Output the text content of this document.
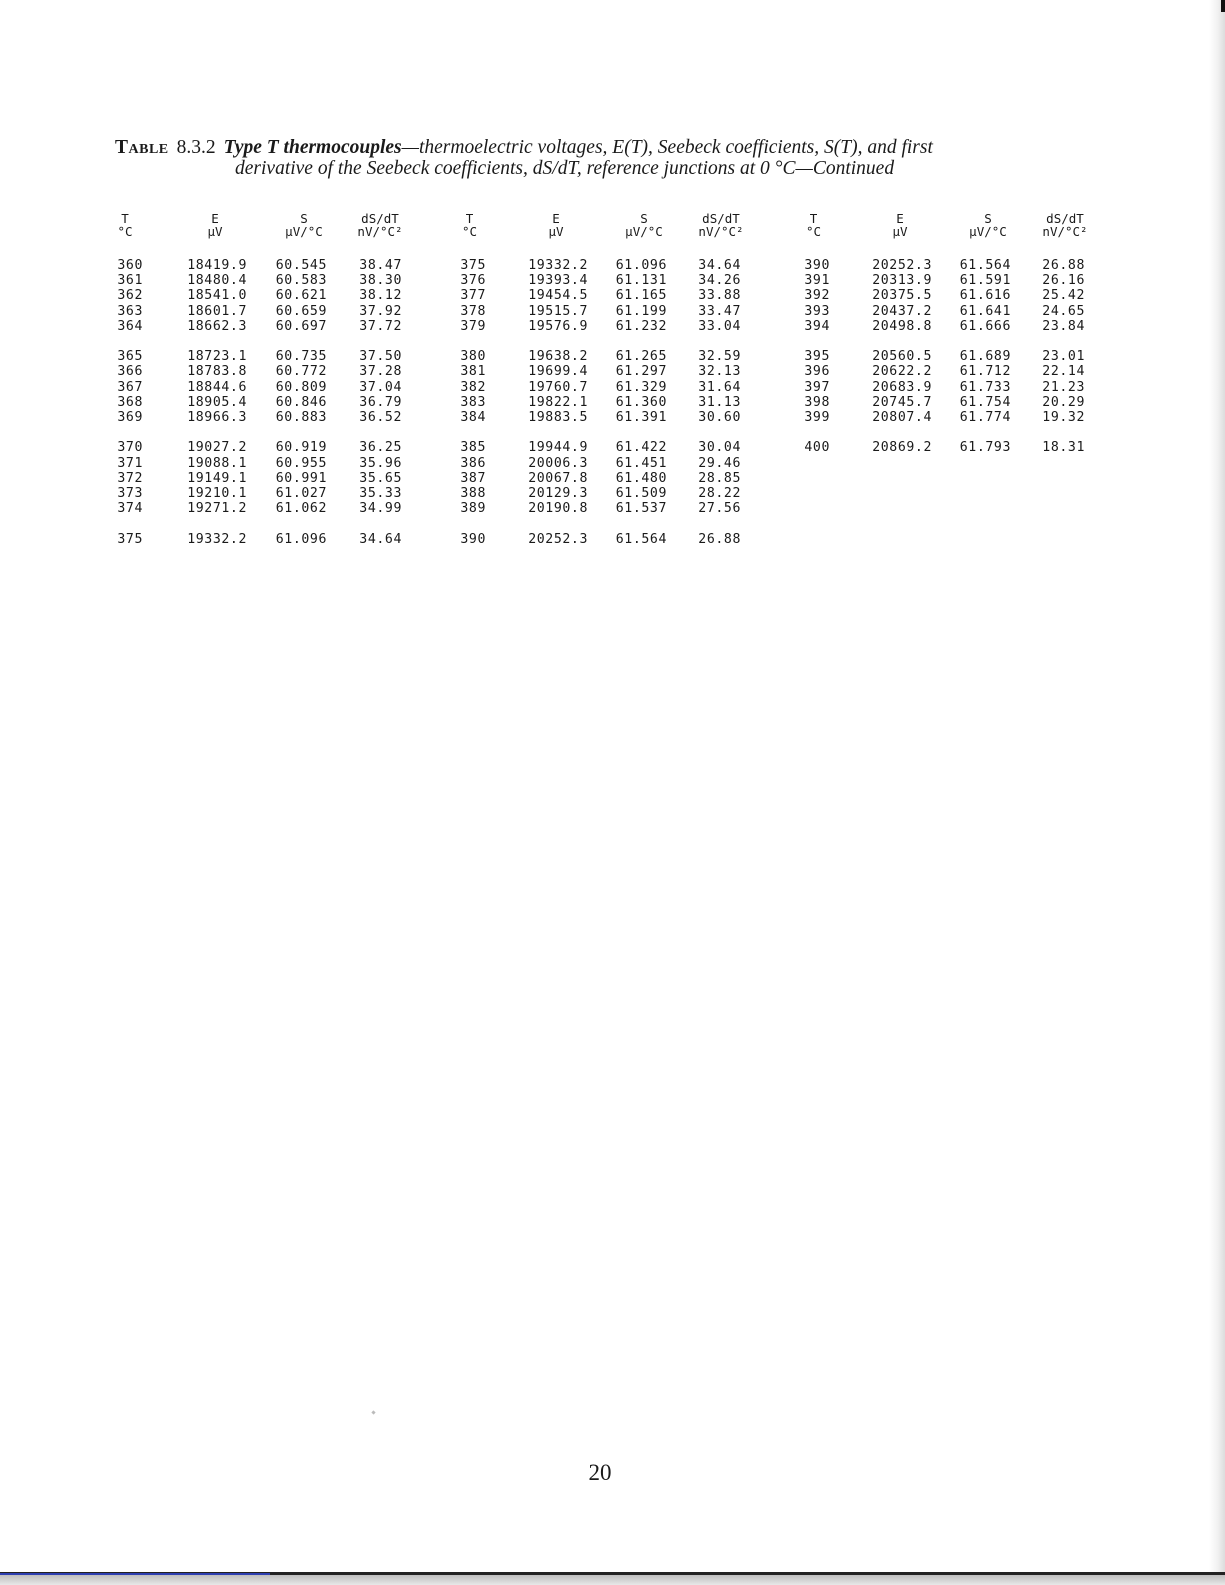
Table 8.3.2 Type T thermocouples—thermoelectric voltages, E(T), Seebeck coefficients, S(T), and first
derivative of the Seebeck coefficients, dS/dT, reference junctions at 0 °C—Continued
T
°C
E
μV
S
μV/°C
dS/dT
nV/°C²
360
361
362
363
364

365
366
367
368
369

370
371
372
373
374

375
18419.9
18480.4
18541.0
18601.7
18662.3

18723.1
18783.8
18844.6
18905.4
18966.3

19027.2
19088.1
19149.1
19210.1
19271.2

19332.2
60.545
60.583
60.621
60.659
60.697

60.735
60.772
60.809
60.846
60.883

60.919
60.955
60.991
61.027
61.062

61.096
38.47
38.30
38.12
37.92
37.72

37.50
37.28
37.04
36.79
36.52

36.25
35.96
35.65
35.33
34.99

34.64
T
°C
E
μV
S
μV/°C
dS/dT
nV/°C²
375
376
377
378
379

380
381
382
383
384

385
386
387
388
389

390
19332.2
19393.4
19454.5
19515.7
19576.9

19638.2
19699.4
19760.7
19822.1
19883.5

19944.9
20006.3
20067.8
20129.3
20190.8

20252.3
61.096
61.131
61.165
61.199
61.232

61.265
61.297
61.329
61.360
61.391

61.422
61.451
61.480
61.509
61.537

61.564
34.64
34.26
33.88
33.47
33.04

32.59
32.13
31.64
31.13
30.60

30.04
29.46
28.85
28.22
27.56

26.88
T
°C
E
μV
S
μV/°C
dS/dT
nV/°C²
390
391
392
393
394

395
396
397
398
399

400
20252.3
20313.9
20375.5
20437.2
20498.8

20560.5
20622.2
20683.9
20745.7
20807.4

20869.2
61.564
61.591
61.616
61.641
61.666

61.689
61.712
61.733
61.754
61.774

61.793
26.88
26.16
25.42
24.65
23.84

23.01
22.14
21.23
20.29
19.32

18.31
20
